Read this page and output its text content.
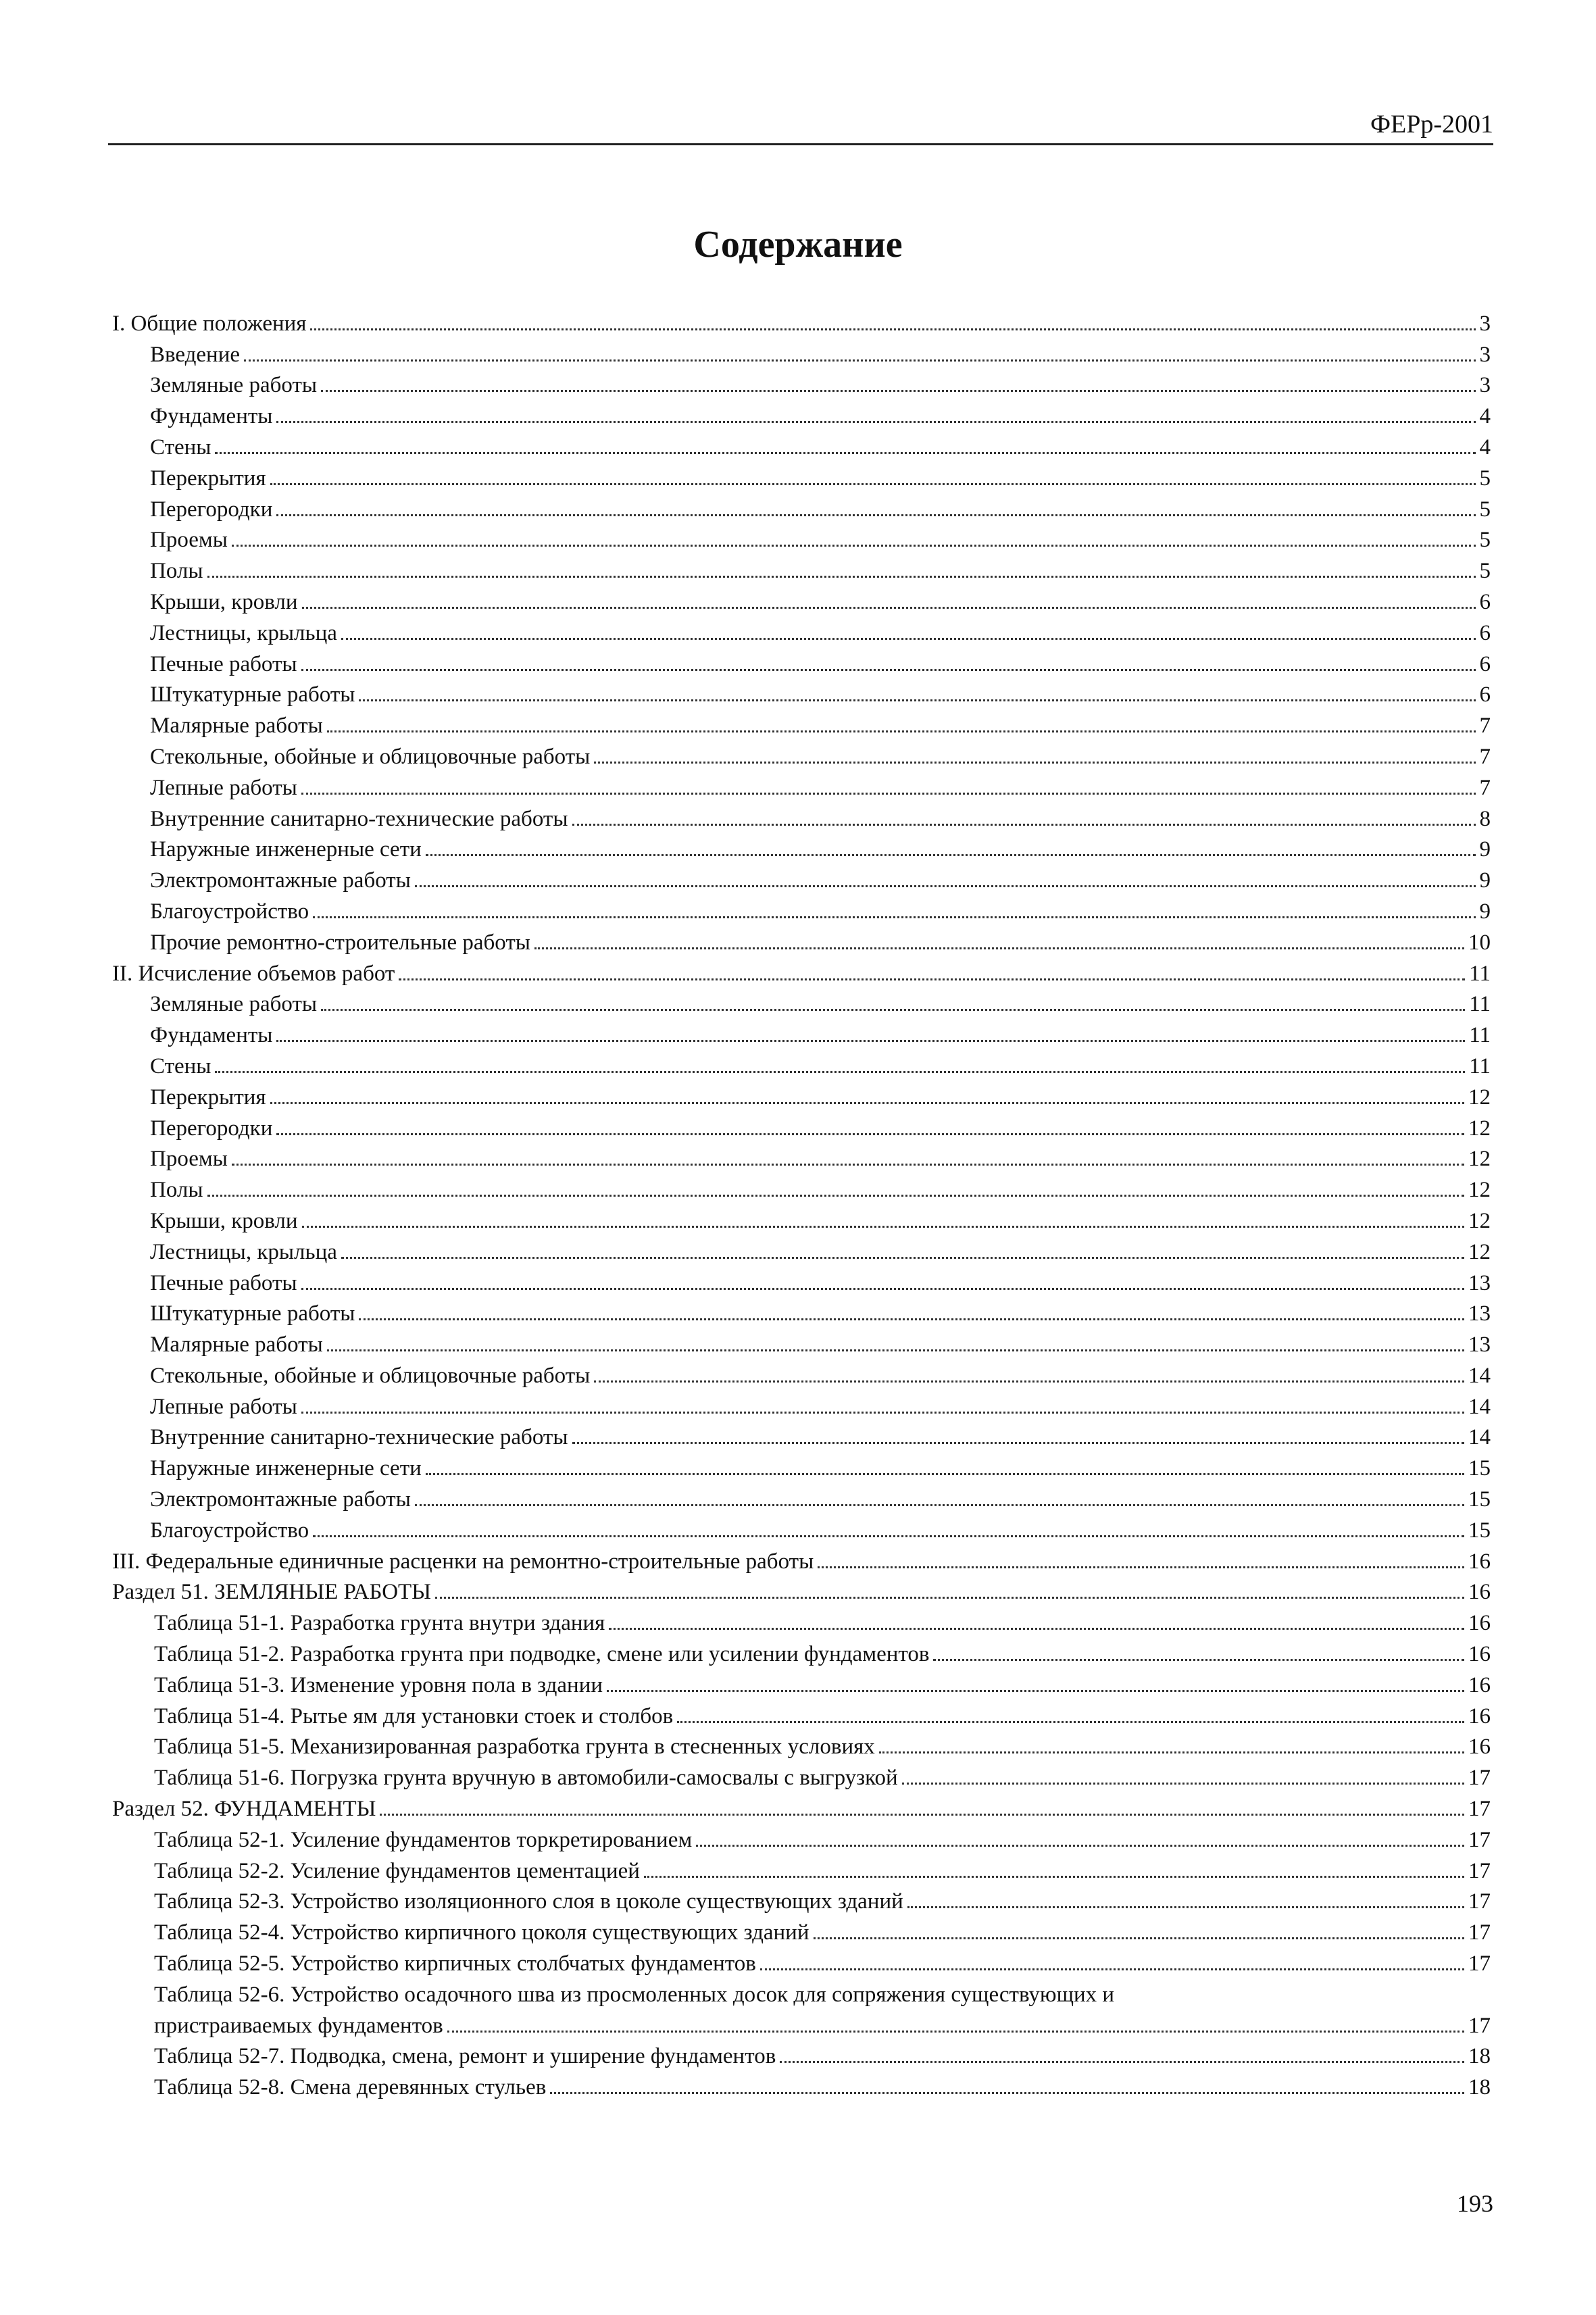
ФЕРр-2001
Содержание
I. Общие положения	3
Введение	3
Земляные работы	3
Фундаменты	4
Стены	4
Перекрытия	5
Перегородки	5
Проемы	5
Полы	5
Крыши, кровли	6
Лестницы, крыльца	6
Печные работы	6
Штукатурные работы	6
Малярные работы	7
Стекольные, обойные и облицовочные работы	7
Лепные работы	7
Внутренние санитарно-технические работы	8
Наружные инженерные сети	9
Электромонтажные работы	9
Благоустройство	9
Прочие ремонтно-строительные работы	10
II. Исчисление объемов работ	11
Земляные работы	11
Фундаменты	11
Стены	11
Перекрытия	12
Перегородки	12
Проемы	12
Полы	12
Крыши, кровли	12
Лестницы, крыльца	12
Печные работы	13
Штукатурные работы	13
Малярные работы	13
Стекольные, обойные и облицовочные работы	14
Лепные работы	14
Внутренние санитарно-технические работы	14
Наружные инженерные сети	15
Электромонтажные работы	15
Благоустройство	15
III. Федеральные единичные расценки на ремонтно-строительные работы	16
Раздел 51. ЗЕМЛЯНЫЕ РАБОТЫ	16
Таблица 51-1. Разработка грунта внутри здания	16
Таблица 51-2. Разработка грунта при подводке, смене или усилении фундаментов	16
Таблица 51-3. Изменение уровня пола в здании	16
Таблица 51-4. Рытье ям для установки стоек и столбов	16
Таблица 51-5. Механизированная разработка грунта в стесненных условиях	16
Таблица 51-6. Погрузка грунта вручную в автомобили-самосвалы с выгрузкой	17
Раздел 52. ФУНДАМЕНТЫ	17
Таблица 52-1. Усиление фундаментов торкретированием	17
Таблица 52-2. Усиление фундаментов цементацией	17
Таблица 52-3. Устройство изоляционного слоя в цоколе существующих зданий	17
Таблица 52-4. Устройство кирпичного цоколя существующих зданий	17
Таблица 52-5. Устройство кирпичных столбчатых фундаментов	17
Таблица 52-6. Устройство осадочного шва из просмоленных досок для сопряжения существующих и
пристраиваемых фундаментов	17
Таблица 52-7. Подводка, смена, ремонт и уширение фундаментов	18
Таблица 52-8. Смена деревянных стульев	18
193
